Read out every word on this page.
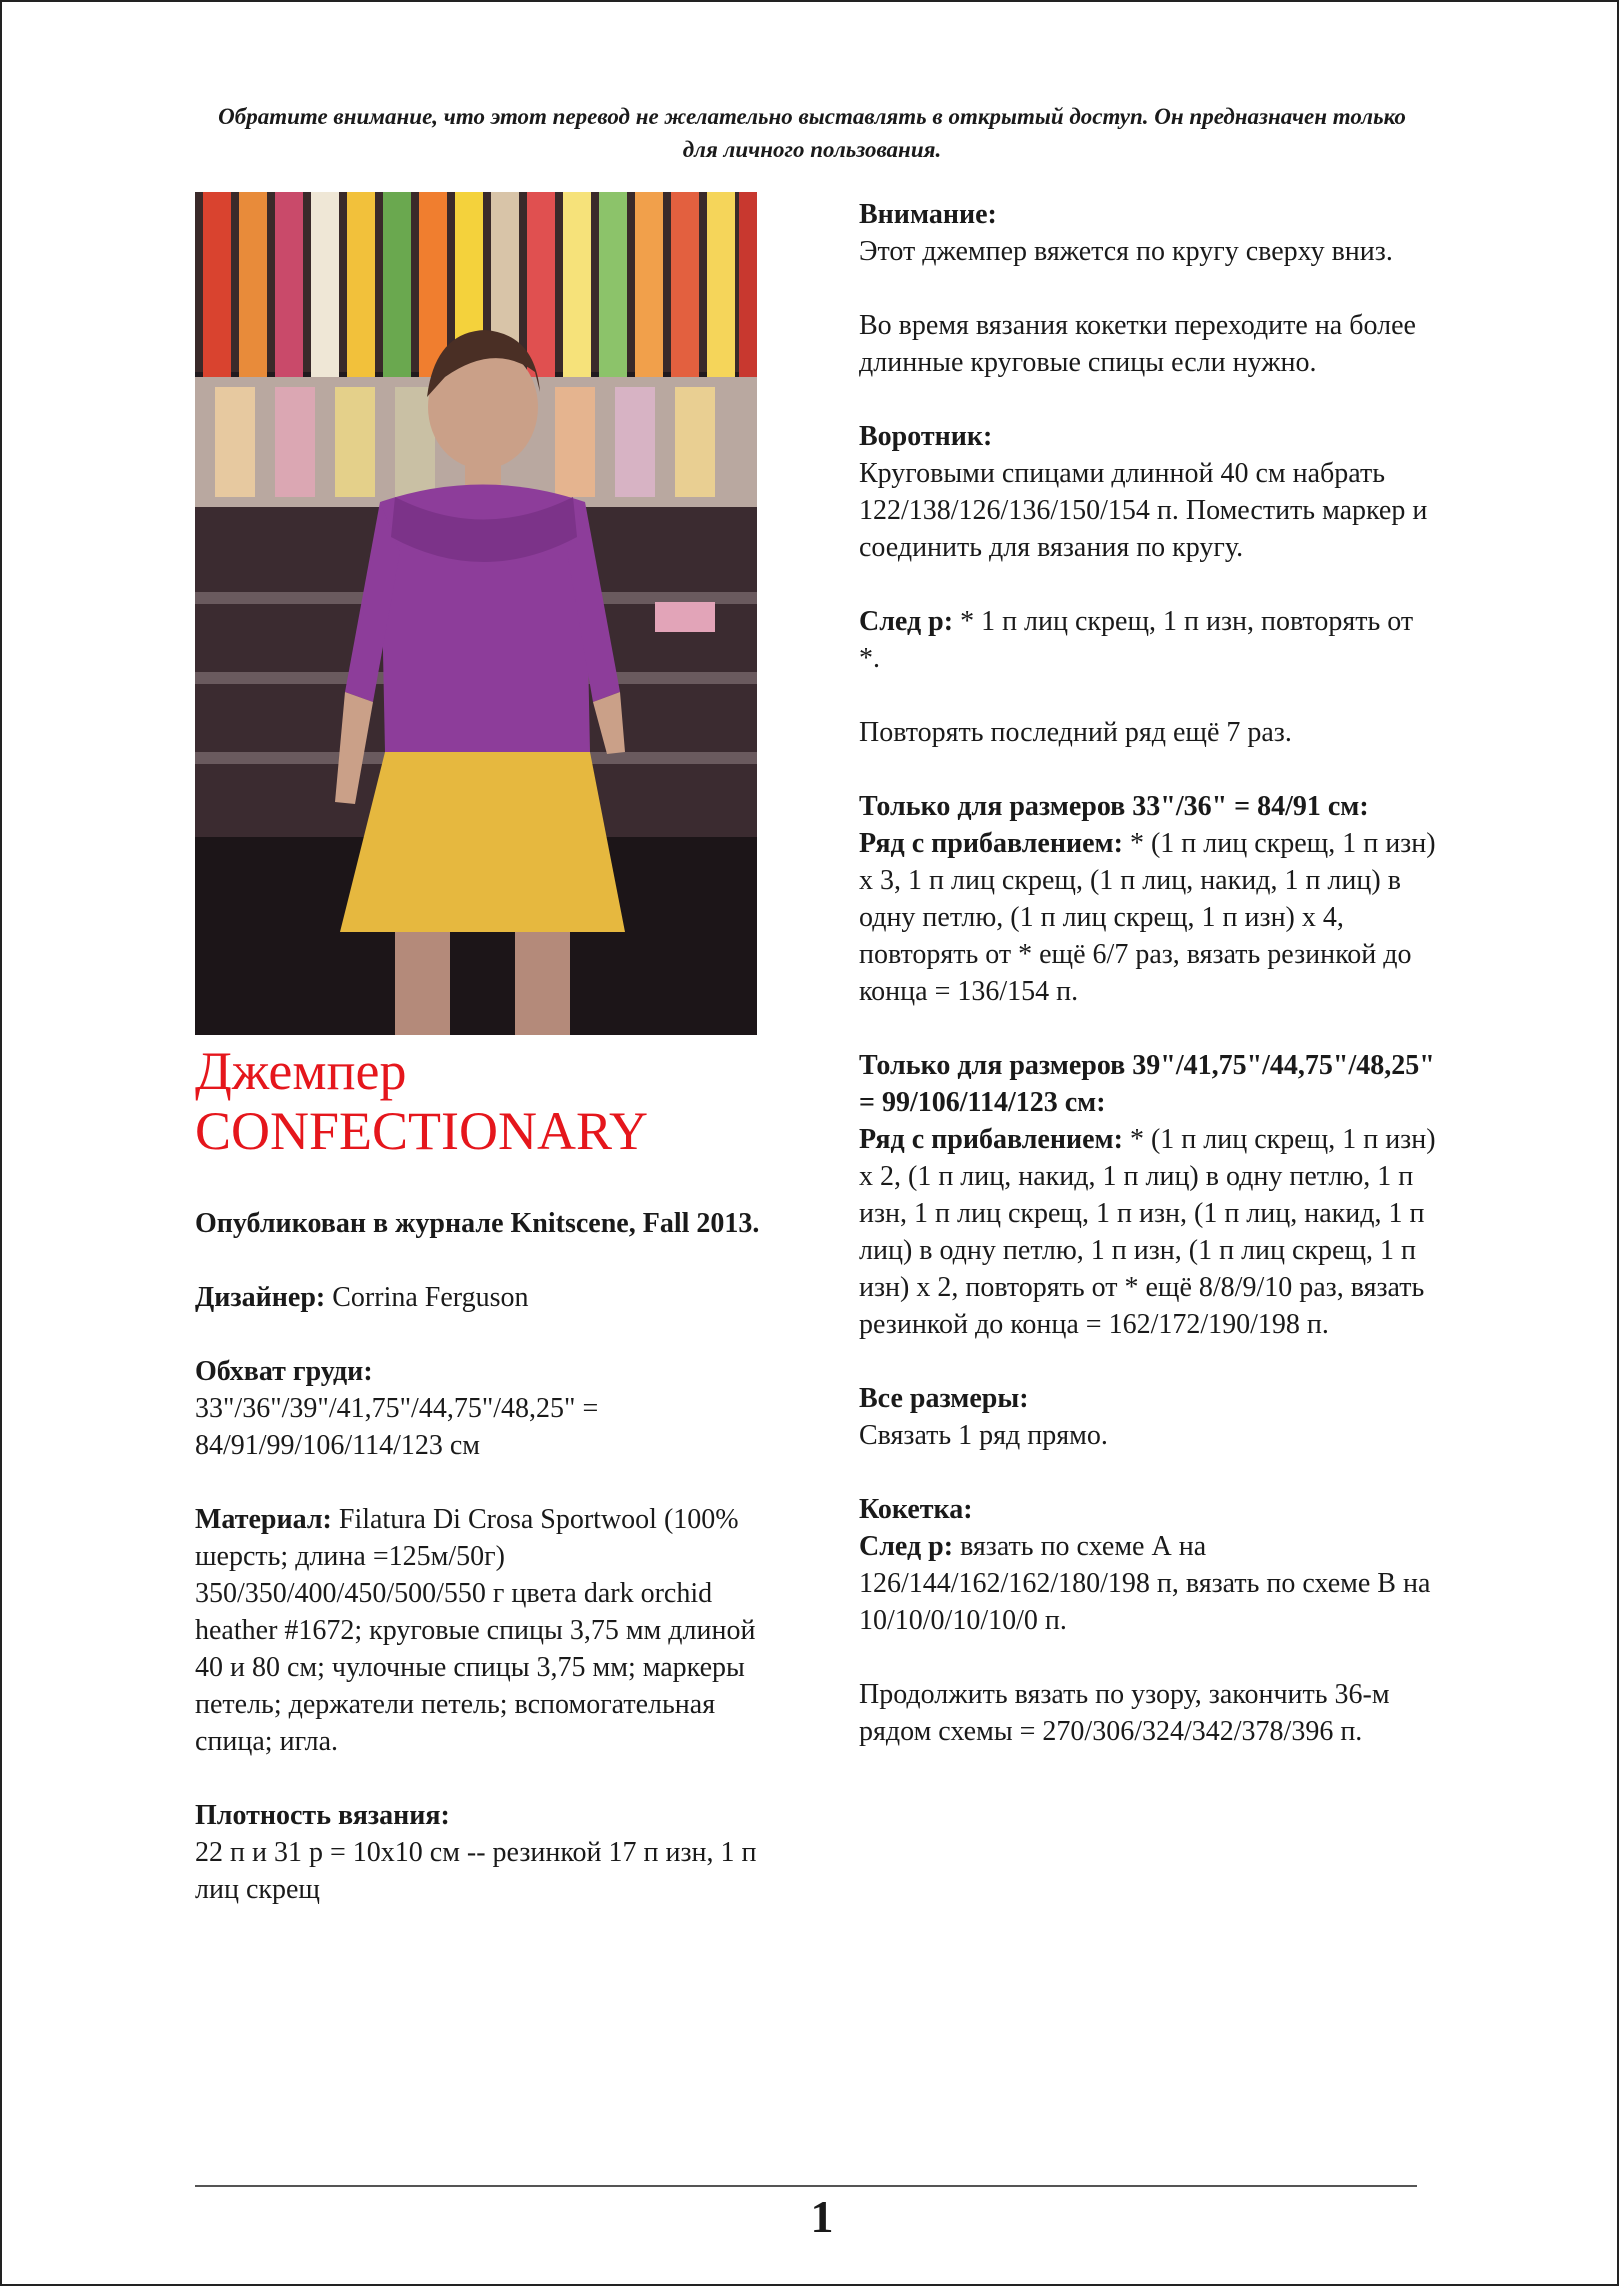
Обратите внимание, что этот перевод не желательно выставлять в открытый доступ. Он предназначен только для личного пользования.
Джемпер
CONFECTIONARY

Опубликован в журнале Knitscene, Fall 2013.

Дизайнер: Corrina Ferguson

Обхват груди:
33"/36"/39"/41,75"/44,75"/48,25" = 84/91/99/106/114/123 см

Материал: Filatura Di Crosa Sportwool (100% шерсть; длина =125м/50г) 350/350/400/450/500/550 г цвета dark orchid heather #1672; круговые спицы 3,75 мм длиной 40 и 80 см; чулочные спицы 3,75 мм; маркеры петель; держатели петель; вспомогательная спица; игла.

Плотность вязания:
22 п и 31 р = 10х10 см -- резинкой 17 п изн, 1 п лиц скрещ

Внимание:
Этот джемпер вяжется по кругу сверху вниз.

Во время вязания кокетки переходите на более длинные круговые спицы если нужно.

Воротник:
Круговыми спицами длинной 40 см набрать 122/138/126/136/150/154 п. Поместить маркер и соединить для вязания по кругу.

След р: * 1 п лиц скрещ, 1 п изн, повторять от *.

Повторять последний ряд ещё 7 раз.

Только для размеров 33"/36" = 84/91 см:
Ряд с прибавлением: * (1 п лиц скрещ, 1 п изн) х 3, 1 п лиц скрещ, (1 п лиц, накид, 1 п лиц) в одну петлю, (1 п лиц скрещ, 1 п изн) х 4, повторять от * ещё 6/7 раз, вязать резинкой до конца = 136/154 п.

Только для размеров 39"/41,75"/44,75"/48,25" = 99/106/114/123 см:
Ряд с прибавлением: * (1 п лиц скрещ, 1 п изн) х 2, (1 п лиц, накид, 1 п лиц) в одну петлю, 1 п изн, 1 п лиц скрещ, 1 п изн, (1 п лиц, накид, 1 п лиц) в одну петлю, 1 п изн, (1 п лиц скрещ, 1 п изн) х 2, повторять от * ещё 8/8/9/10 раз, вязать резинкой до конца = 162/172/190/198 п.

Все размеры:
Связать 1 ряд прямо.

Кокетка:
След р: вязать по схеме А на 126/144/162/162/180/198 п, вязать по схеме В на 10/10/0/10/10/0 п.

Продолжить вязать по узору, закончить 36-м рядом схемы = 270/306/324/342/378/396 п.

1
